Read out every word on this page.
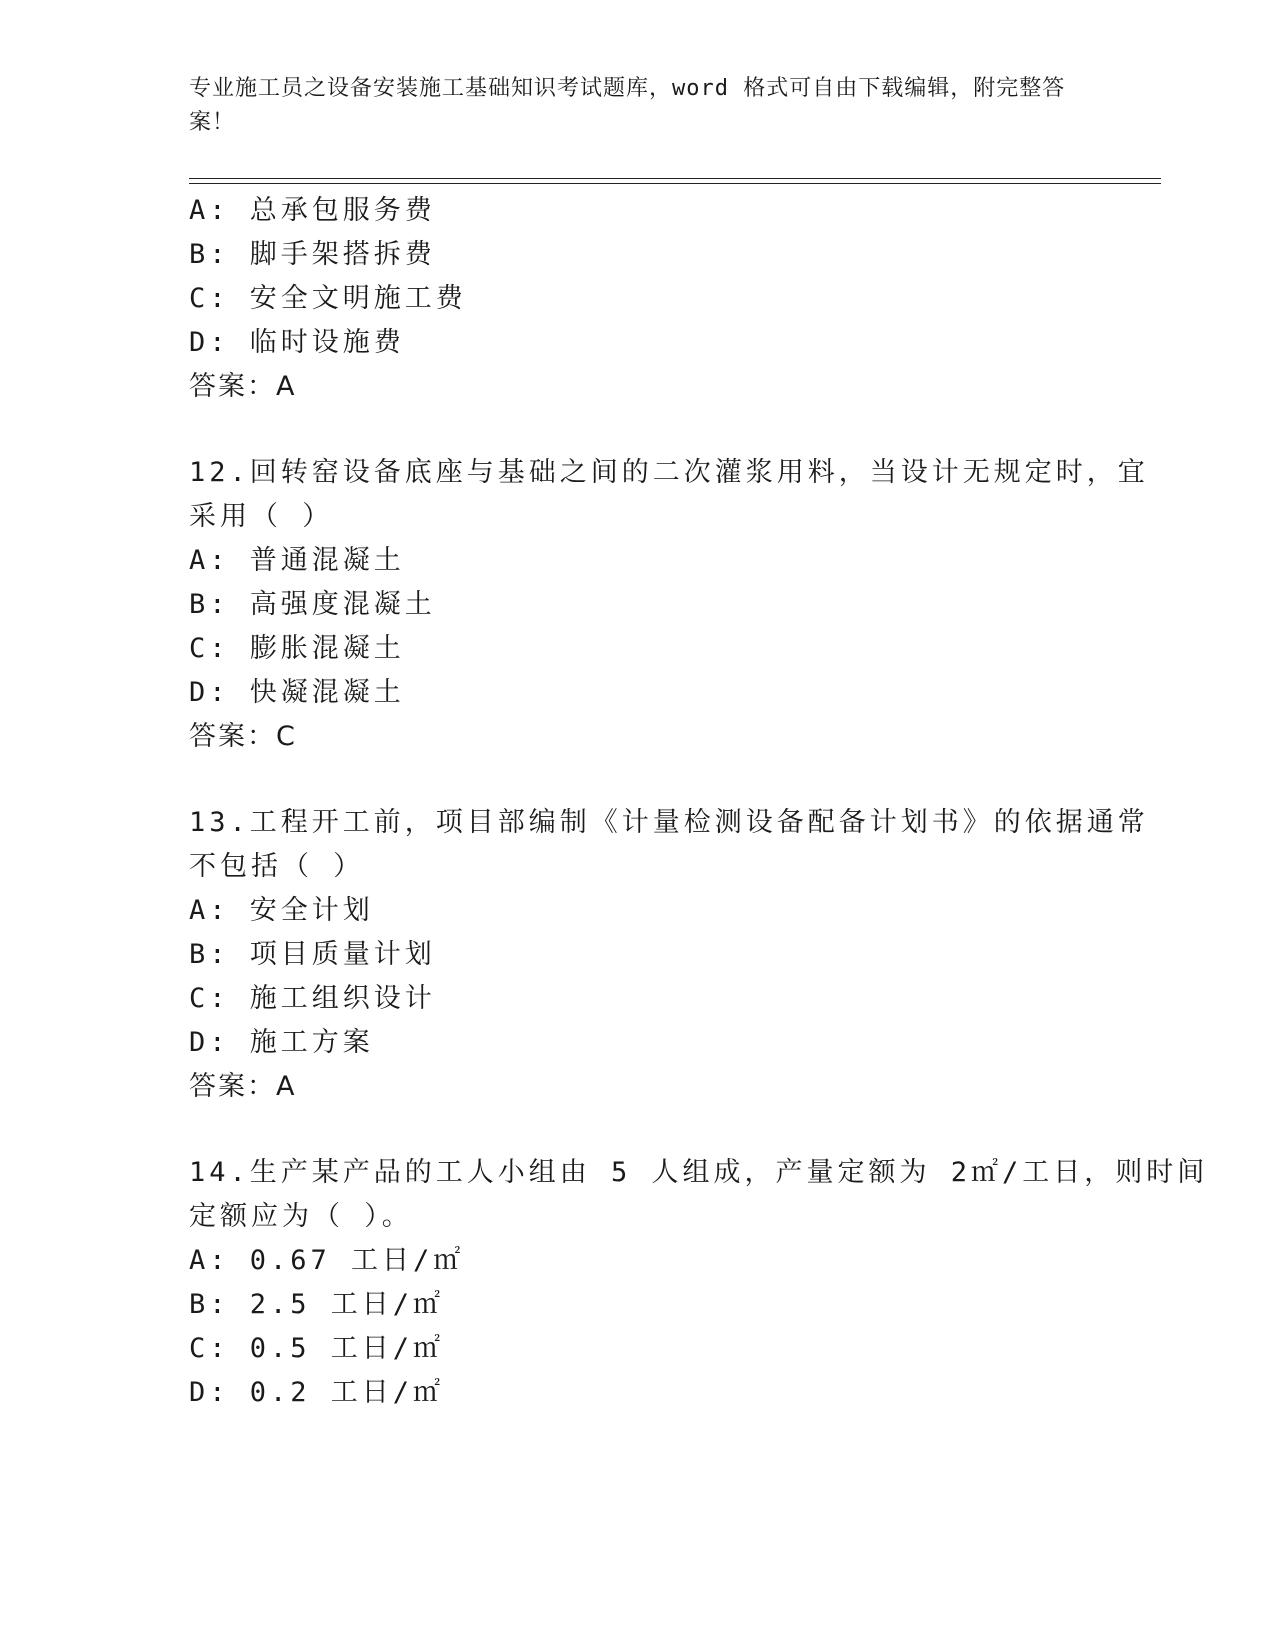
专业施工员之设备安装施工基础知识考试题库，word 格式可自由下载编辑，附完整答案！
A: 总承包服务费
B: 脚手架搭拆费
C: 安全文明施工费
D: 临时设施费
答案：A
12.回转窑设备底座与基础之间的二次灌浆用料，当设计无规定时，宜
采用（ ）
A: 普通混凝土
B: 高强度混凝土
C: 膨胀混凝土
D: 快凝混凝土
答案：C
13.工程开工前，项目部编制《计量检测设备配备计划书》的依据通常
不包括（ ）
A: 安全计划
B: 项目质量计划
C: 施工组织设计
D: 施工方案
答案：A
14.生产某产品的工人小组由 5 人组成，产量定额为 2㎡/工日，则时间
定额应为（ ）。
A: 0.67 工日/㎡
B: 2.5 工日/㎡
C: 0.5 工日/㎡
D: 0.2 工日/㎡
